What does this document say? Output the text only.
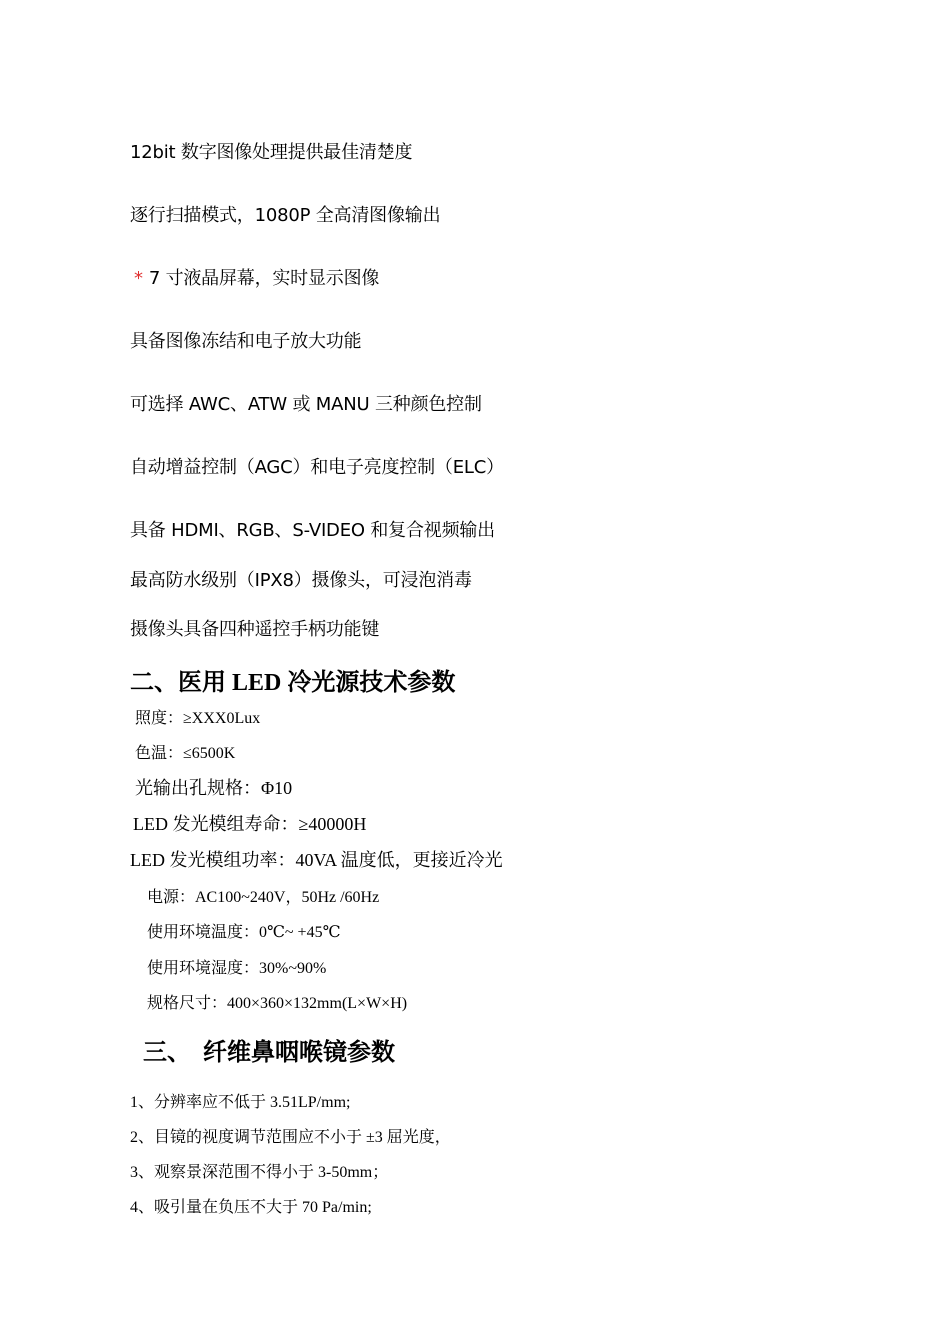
12bit 数字图像处理提供最佳清楚度

逐行扫描模式，1080P 全高清图像输出

* 7 寸液晶屏幕，实时显示图像

具备图像冻结和电子放大功能

可选择 AWC、ATW 或 MANU 三种颜色控制

自动增益控制（AGC）和电子亮度控制（ELC）

具备 HDMI、RGB、S-VIDEO 和复合视频输出

最高防水级别（IPX8）摄像头，可浸泡消毒

摄像头具备四种遥控手柄功能键

二、医用 LED 冷光源技术参数

照度：≥XXX0Lux

色温：≤6500K

光输出孔规格：Φ10

LED 发光模组寿命：≥40000H

LED 发光模组功率：40VA 温度低，更接近冷光

电源：AC100~240V，50Hz /60Hz

使用环境温度：0℃~ +45℃

使用环境湿度：30%~90%

规格尺寸：400×360×132mm(L×W×H)

三、  纤维鼻咽喉镜参数

1、分辨率应不低于 3.51LP/mm;

2、目镜的视度调节范围应不小于 ±3 屈光度，

3、观察景深范围不得小于 3-50mm；

4、吸引量在负压不大于 70 Pa/min;
